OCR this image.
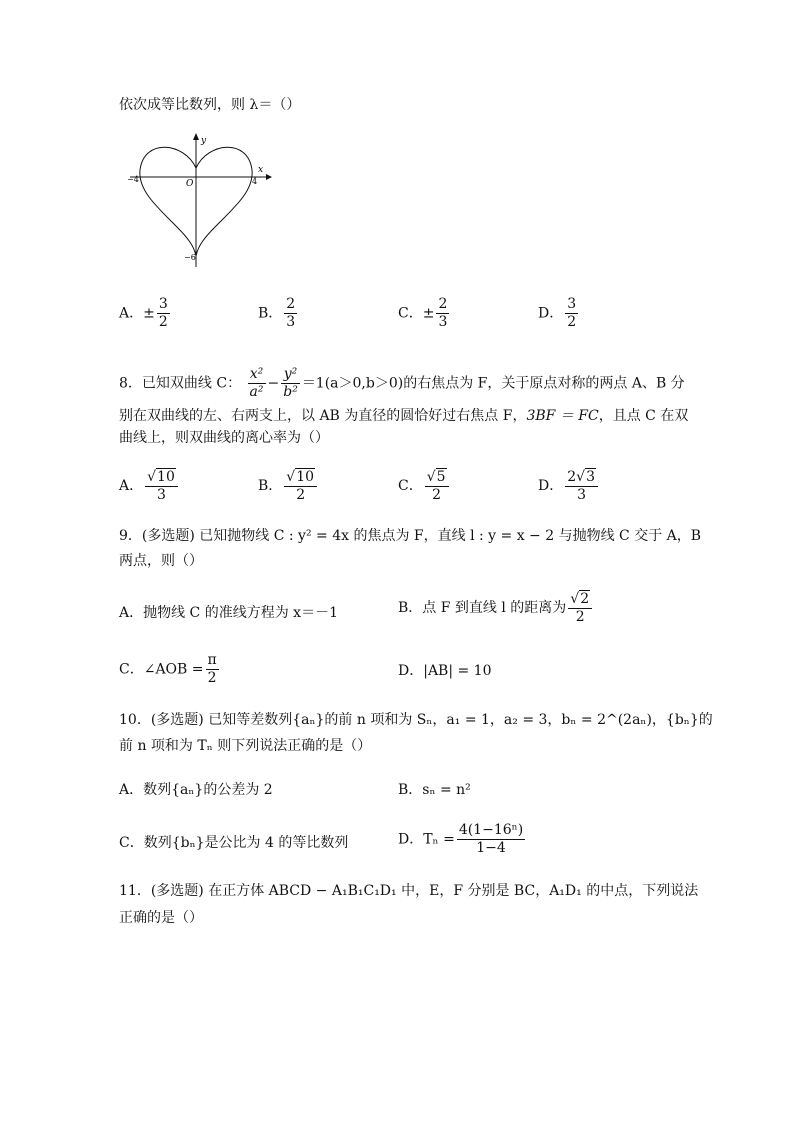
依次成等比数列，则 λ＝（）
y
x
O
−4	4
−6
A．± $\frac{3}{2}$	B． $\frac{2}{3}$	C．± $\frac{2}{3}$	D． $\frac{3}{2}$
8．已知双曲线 C： $\frac{\text{x²}}{\text{a²}} - \frac{\text{y²}}{\text{b²}} =1(a>0,b>0)$的右焦点为 F，关于原点对称的两点 A、B 分
别在双曲线的左、右两支上，以 AB 为直径的圆恰好过右焦点 F，3BF ＝ FC，且点 C 在双
曲线上，则双曲线的离心率为（）
A． $\frac{√10}{3}$	B． $\frac{√10}{2}$	C． $\frac{√5}{2}$	D． $\frac{2√3}{3}$
9．(多选题) 已知抛物线 C : y² = 4x 的焦点为 F，直线 l : y = x − 2 与抛物线 C 交于 A，B
两点，则（）
A．抛物线 C 的准线方程为 x＝－1	B．点 F 到直线 l 的距离为 $\frac{√2}{2}$
C．∠AOB = $\frac{\pi}{2}$	D．|AB| = 10
10．(多选题) 已知等差数列{aₙ}的前 n 项和为 Sₙ，a₁ = 1，a₂ = 3，bₙ = 2^(2aₙ)，{bₙ}的
前 n 项和为 Tₙ 则下列说法正确的是（）
A．数列{aₙ}的公差为 2	B．sₙ = n²
C．数列{bₙ}是公比为 4 的等比数列	D．$T_n = \frac{\text{4(1−16ⁿ)}}{1-4}$
11．(多选题) 在正方体 ABCD − A₁B₁C₁D₁ 中，E，F 分别是 BC，A₁D₁ 的中点，下列说法
正确的是（）
